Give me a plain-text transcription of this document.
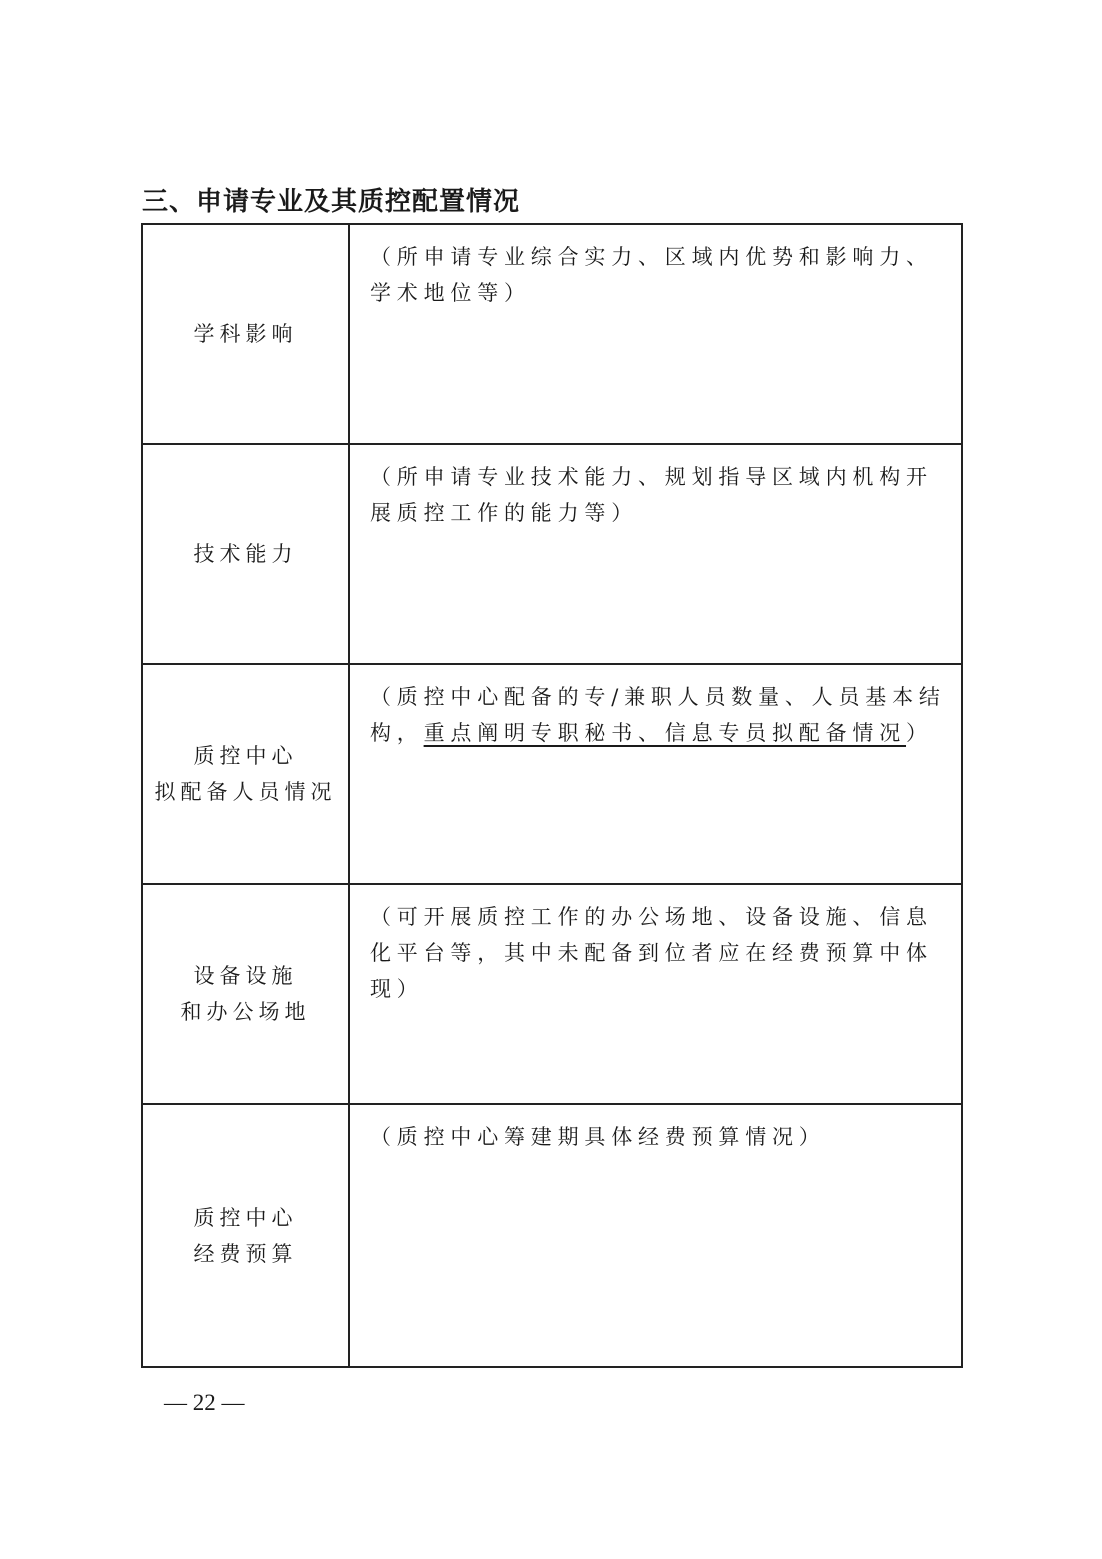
三、申请专业及其质控配置情况
学科影响	（所申请专业综合实力、区域内优势和影响力、学术地位等）

技术能力	（所申请专业技术能力、规划指导区域内机构开展质控工作的能力等）

质控中心
拟配备人员情况	（质控中心配备的专/兼职人员数量、人员基本结构，重点阐明专职秘书、信息专员拟配备情况）

设备设施
和办公场地	（可开展质控工作的办公场地、设备设施、信息化平台等，其中未配备到位者应在经费预算中体现）

质控中心
经费预算	（质控中心筹建期具体经费预算情况）
— 22 —
